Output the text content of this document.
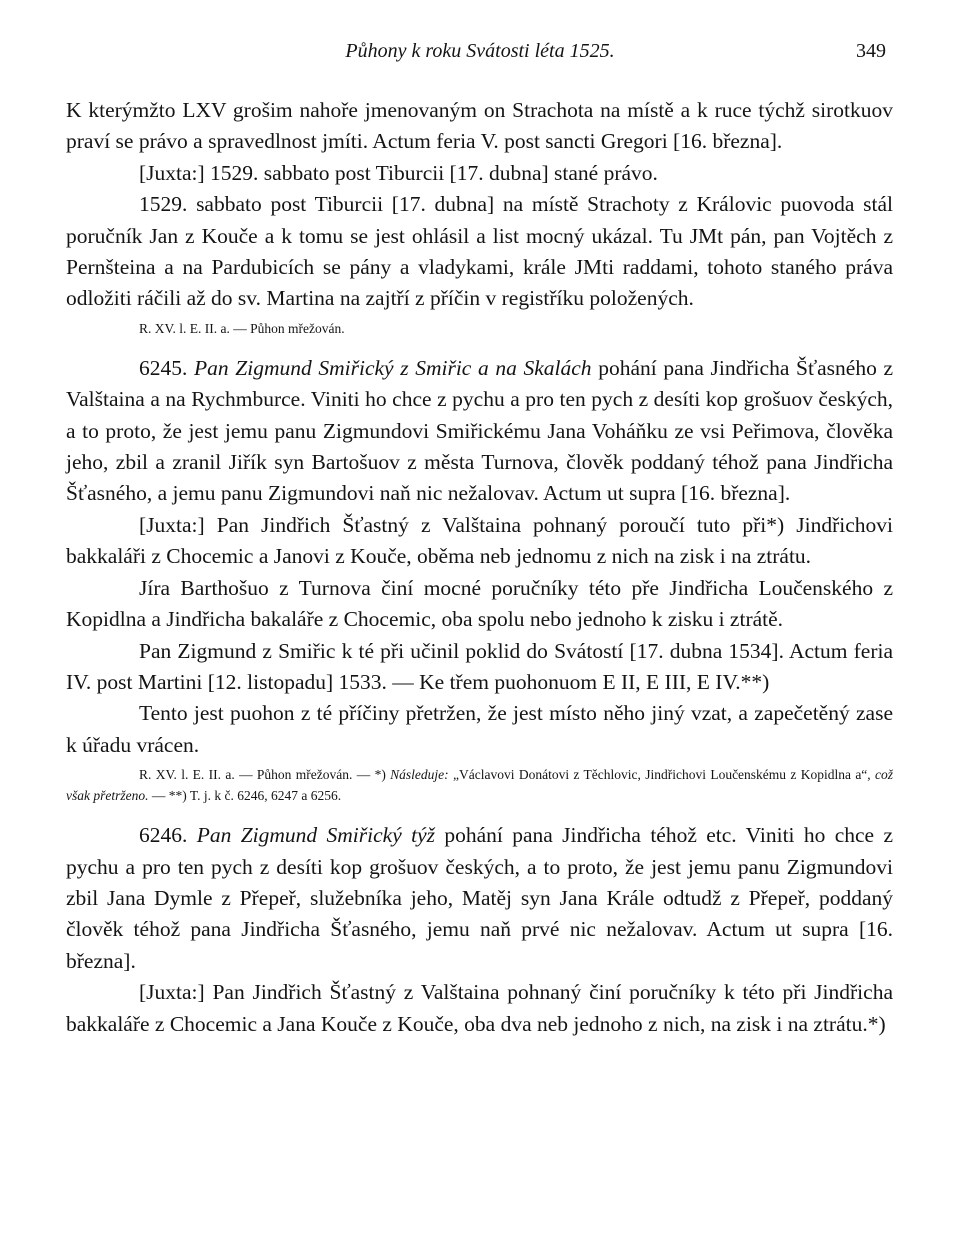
Půhony k roku Svátosti léta 1525.	349

K kterýmžto LXV grošim nahoře jmenovaným on Strachota na místě a k ruce týchž sirotkuov praví se právo a spravedlnost jmíti. Actum feria V. post sancti Gregori [16. března].

[Juxta:] 1529. sabbato post Tiburcii [17. dubna] stané právo.

1529. sabbato post Tiburcii [17. dubna] na místě Strachoty z Královic puovoda stál poručník Jan z Kouče a k tomu se jest ohlásil a list mocný ukázal. Tu JMt pán, pan Vojtěch z Pernšteina a na Pardubicích se pány a vladykami, krále JMti raddami, tohoto staného práva odložiti ráčili až do sv. Martina na zajtří z příčin v registříku položených.

R. XV. l. E. II. a. — Půhon mřežován.

6245. Pan Zigmund Smiřický z Smiřic a na Skalách pohání pana Jindřicha Šťasného z Valštaina a na Rychmburce. Viniti ho chce z pychu a pro ten pych z desíti kop grošuov českých, a to proto, že jest jemu panu Zigmundovi Smiřickému Jana Voháňku ze vsi Peřimova, člověka jeho, zbil a zranil Jiřík syn Bartošuov z města Turnova, člověk poddaný téhož pana Jindřicha Šťasného, a jemu panu Zigmundovi naň nic nežalovav. Actum ut supra [16. března].

[Juxta:] Pan Jindřich Šťastný z Valštaina pohnaný poroučí tuto při*) Jindřichovi bakkaláři z Chocemic a Janovi z Kouče, oběma neb jednomu z nich na zisk i na ztrátu.

Jíra Barthošuo z Turnova činí mocné poručníky této pře Jindřicha Loučenského z Kopidlna a Jindřicha bakaláře z Chocemic, oba spolu nebo jednoho k zisku i ztrátě.

Pan Zigmund z Smiřic k té při učinil poklid do Svátostí [17. dubna 1534]. Actum feria IV. post Martini [12. listopadu] 1533. — Ke třem puohonuom E II, E III, E IV.**)

Tento jest puohon z té příčiny přetržen, že jest místo něho jiný vzat, a zapečetěný zase k úřadu vrácen.

R. XV. l. E. II. a. — Půhon mřežován. — *) Následuje: „Václavovi Donátovi z Těchlovic, Jindřichovi Loučenskému z Kopidlna a“, což však přetrženo. — **) T. j. k č. 6246, 6247 a 6256.

6246. Pan Zigmund Smiřický týž pohání pana Jindřicha téhož etc. Viniti ho chce z pychu a pro ten pych z desíti kop grošuov českých, a to proto, že jest jemu panu Zigmundovi zbil Jana Dymle z Přepeř, služebníka jeho, Matěj syn Jana Krále odtudž z Přepeř, poddaný člověk téhož pana Jindřicha Šťasného, jemu naň prvé nic nežalovav. Actum ut supra [16. března].

[Juxta:] Pan Jindřich Šťastný z Valštaina pohnaný činí poručníky k této při Jindřicha bakkaláře z Chocemic a Jana Kouče z Kouče, oba dva neb jednoho z nich, na zisk i na ztrátu.*)
